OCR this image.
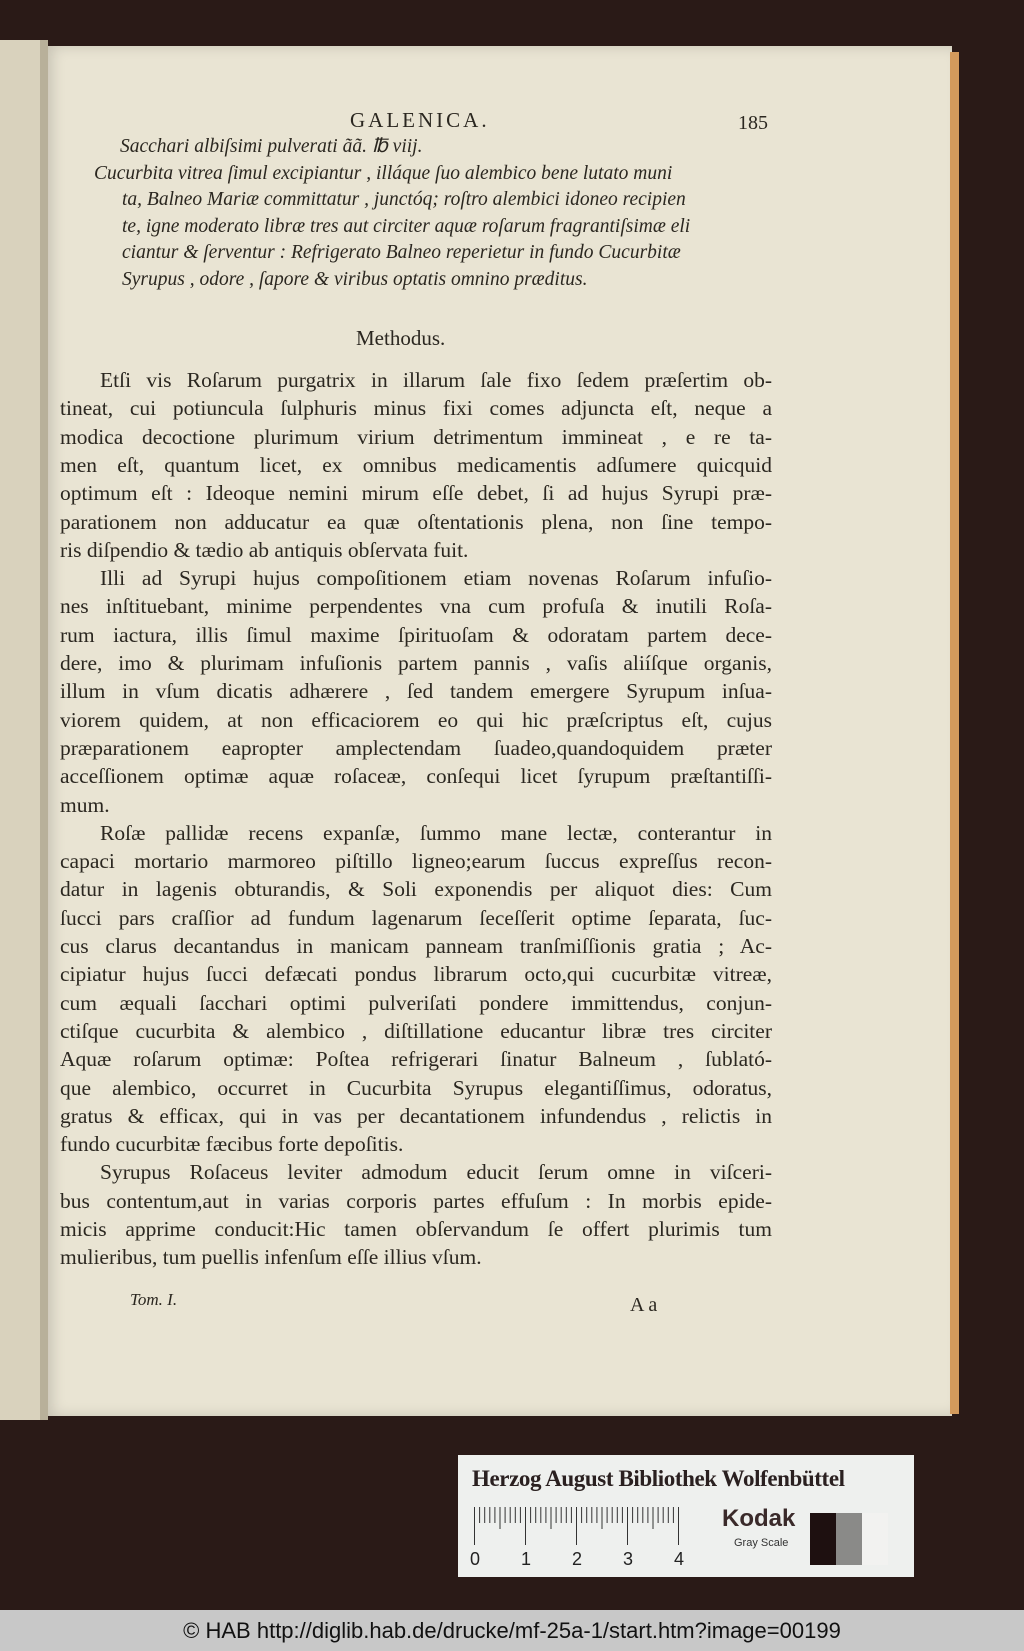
GALENICA.	185
Sacchari albiſsimi pulverati ãã. ℔ viij.
Cucurbita vitrea ſimul excipiantur , illáque ſuo alembico bene lutato muni
ta, Balneo Mariæ committatur , junctóq; roſtro alembici idoneo recipien
te, igne moderato libræ tres aut circiter aquæ roſarum fragrantiſsimæ eli
ciantur & ſerventur : Refrigerato Balneo reperietur in fundo Cucurbitæ
Syrupus , odore , ſapore & viribus optatis omnino præditus.
Methodus.
Etſi vis Roſarum purgatrix in illarum ſale fixo ſedem præſertim ob-
tineat, cui potiuncula ſulphuris minus fixi comes adjuncta eſt, neque a
modica decoctione plurimum virium detrimentum immineat , e re ta-
men eſt, quantum licet, ex omnibus medicamentis adſumere quicquid
optimum eſt : Ideoque nemini mirum eſſe debet, ſi ad hujus Syrupi præ-
parationem non adducatur ea quæ oſtentationis plena, non ſine tempo-
ris diſpendio & tædio ab antiquis obſervata fuit.
Illi ad Syrupi hujus compoſitionem etiam novenas Roſarum infuſio-
nes inſtituebant, minime perpendentes vna cum profuſa & inutili Roſa-
rum iactura, illis ſimul maxime ſpirituoſam & odoratam partem dece-
dere, imo & plurimam infuſionis partem pannis , vaſis aliíſque organis,
illum in vſum dicatis adhærere , ſed tandem emergere Syrupum inſua-
viorem quidem, at non efficaciorem eo qui hic præſcriptus eſt, cujus
præparationem eapropter amplectendam ſuadeo,quandoquidem præter
acceſſionem optimæ aquæ roſaceæ, conſequi licet ſyrupum præſtantiſſi-
mum.
Roſæ pallidæ recens expanſæ, ſummo mane lectæ, conterantur in
capaci mortario marmoreo piſtillo ligneo;earum ſuccus expreſſus recon-
datur in lagenis obturandis, & Soli exponendis per aliquot dies: Cum
ſucci pars craſſior ad fundum lagenarum ſeceſſerit optime ſeparata, ſuc-
cus clarus decantandus in manicam panneam tranſmiſſionis gratia ; Ac-
cipiatur hujus ſucci defæcati pondus librarum octo,qui cucurbitæ vitreæ,
cum æquali ſacchari optimi pulveriſati pondere immittendus, conjun-
ctiſque cucurbita & alembico , diſtillatione educantur libræ tres circiter
Aquæ roſarum optimæ: Poſtea refrigerari ſinatur Balneum , ſublató-
que alembico, occurret in Cucurbita Syrupus elegantiſſimus, odoratus,
gratus & efficax, qui in vas per decantationem infundendus , relictis in
fundo cucurbitæ fæcibus forte depoſitis.
Syrupus Roſaceus leviter admodum educit ſerum omne in viſceri-
bus contentum,aut in varias corporis partes effuſum : In morbis epide-
micis apprime conducit:Hic tamen obſervandum ſe offert plurimis tum
mulieribus, tum puellis infenſum eſſe illius vſum.
Tom. I.	A a
Herzog August Bibliothek Wolfenbüttel
0 1 2 3 4
Kodak
Gray Scale
© HAB http://diglib.hab.de/drucke/mf-25a-1/start.htm?image=00199
